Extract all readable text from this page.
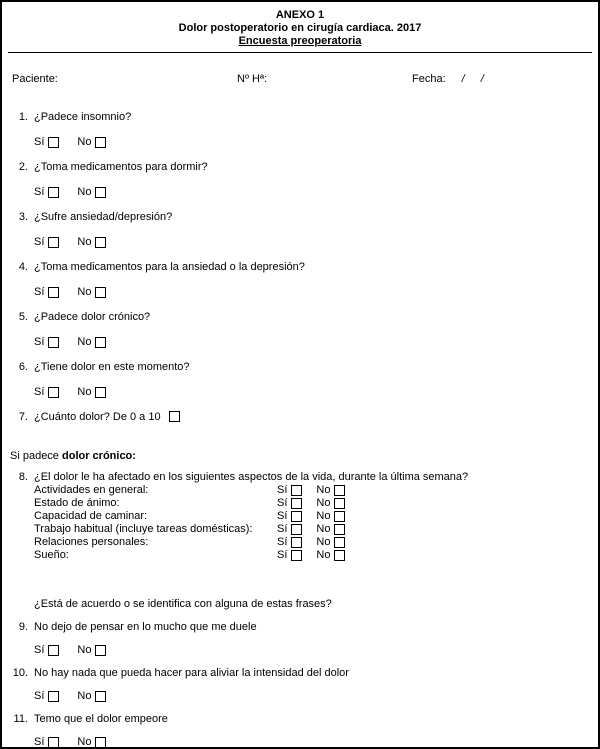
ANEXO 1
Dolor postoperatorio en cirugía cardiaca. 2017
Encuesta preoperatoria
Paciente:	Nº Hª:	Fecha: / /
1. ¿Padece insomnio?
Sí	No
2. ¿Toma medicamentos para dormir?
Sí	No
3. ¿Sufre ansiedad/depresión?
Sí	No
4. ¿Toma medicamentos para la ansiedad o la depresión?
Sí	No
5. ¿Padece dolor crónico?
Sí	No
6. ¿Tiene dolor en este momento?
Sí	No
7. ¿Cuánto dolor? De 0 a 10
Si padece dolor crónico:
8. ¿El dolor le ha afectado en los siguientes aspectos de la vida, durante la última semana?
Actividades en general:	Sí	No
Estado de ánimo:	Sí	No
Capacidad de caminar:	Sí	No
Trabajo habitual (incluye tareas domésticas):	Sí	No
Relaciones personales:	Sí	No
Sueño:	Sí	No
¿Está de acuerdo o se identifica con alguna de estas frases?
9. No dejo de pensar en lo mucho que me duele
Sí	No
10. No hay nada que pueda hacer para aliviar la intensidad del dolor
Sí	No
11. Temo que el dolor empeore
Sí	No
